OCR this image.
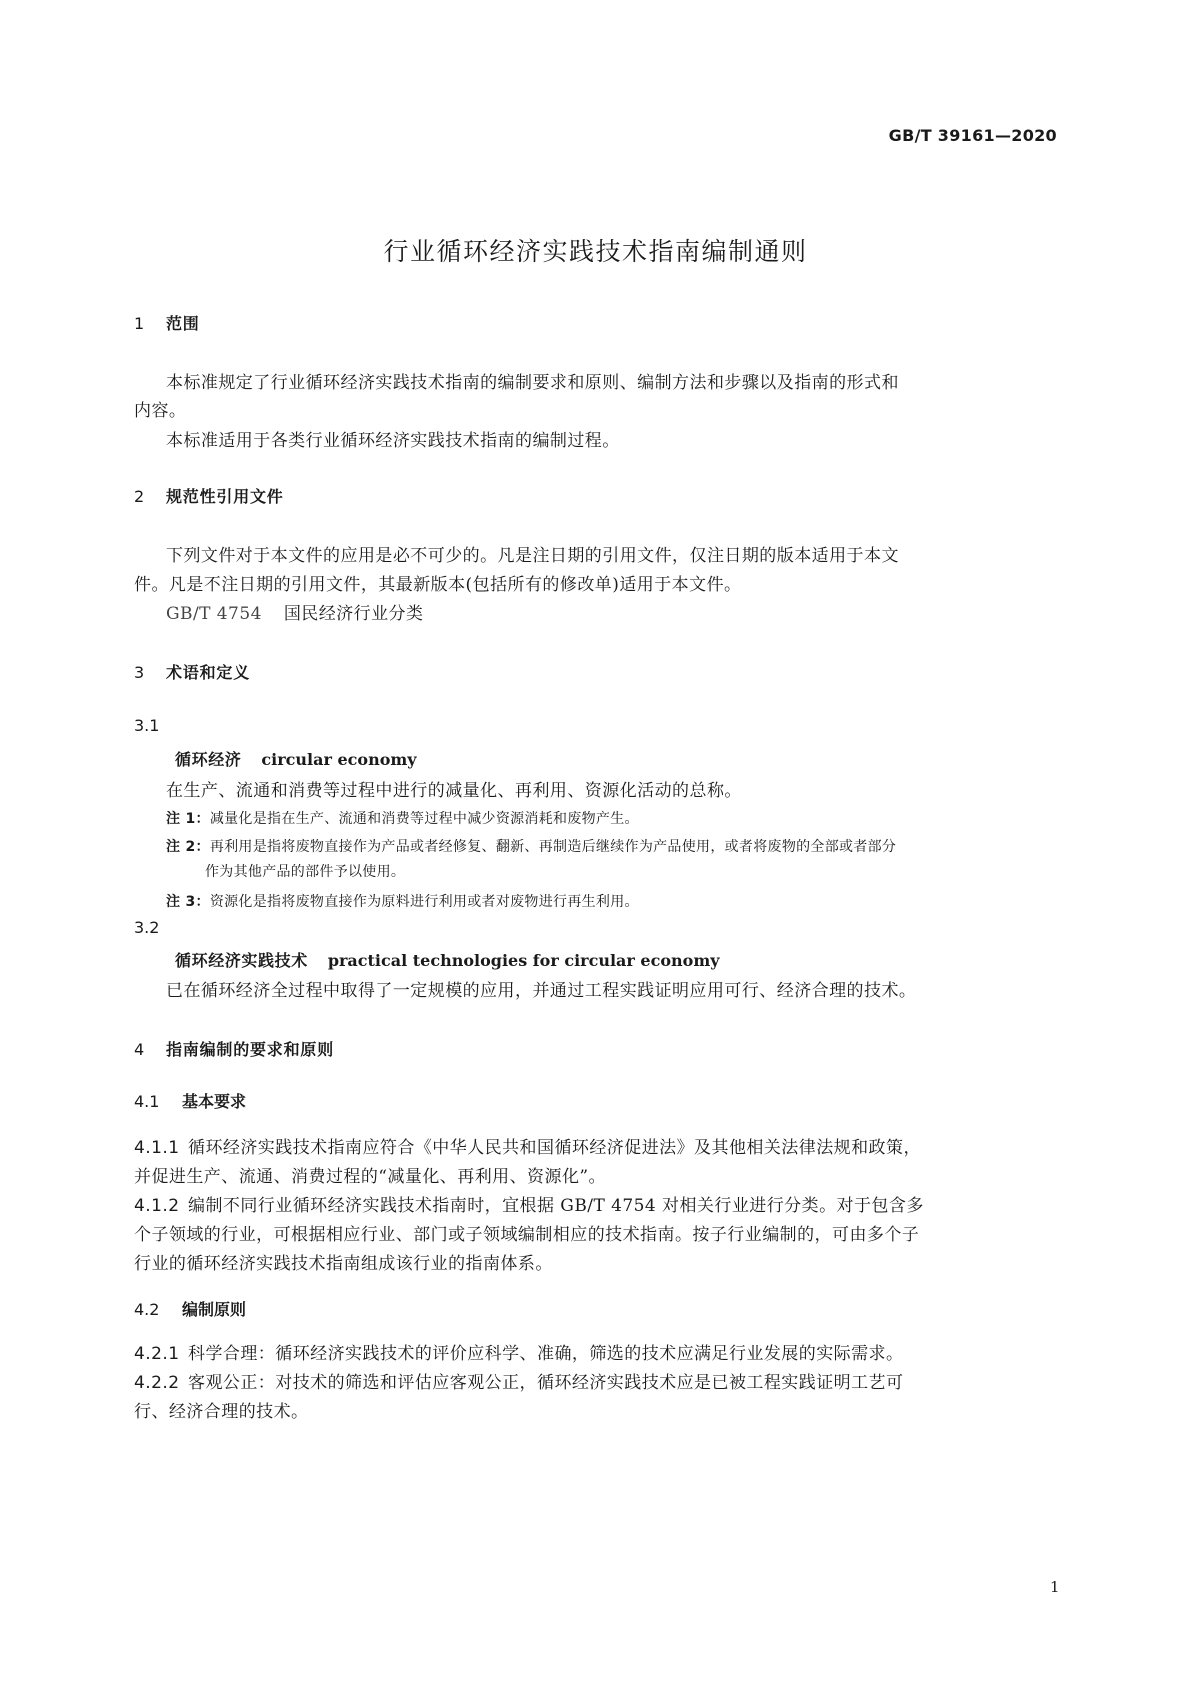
GB/T 39161—2020
行业循环经济实践技术指南编制通则
1 范围
本标准规定了行业循环经济实践技术指南的编制要求和原则、编制方法和步骤以及指南的形式和
内容。
本标准适用于各类行业循环经济实践技术指南的编制过程。
2 规范性引用文件
下列文件对于本文件的应用是必不可少的。凡是注日期的引用文件，仅注日期的版本适用于本文
件。凡是不注日期的引用文件，其最新版本(包括所有的修改单)适用于本文件。
GB/T 4754 国民经济行业分类
3 术语和定义
3.1
循环经济 circular economy
在生产、流通和消费等过程中进行的减量化、再利用、资源化活动的总称。
注 1：减量化是指在生产、流通和消费等过程中减少资源消耗和废物产生。
注 2：再利用是指将废物直接作为产品或者经修复、翻新、再制造后继续作为产品使用，或者将废物的全部或者部分
作为其他产品的部件予以使用。
注 3：资源化是指将废物直接作为原料进行利用或者对废物进行再生利用。
3.2
循环经济实践技术 practical technologies for circular economy
已在循环经济全过程中取得了一定规模的应用，并通过工程实践证明应用可行、经济合理的技术。
4 指南编制的要求和原则
4.1 基本要求
4.1.1 循环经济实践技术指南应符合《中华人民共和国循环经济促进法》及其他相关法律法规和政策，
并促进生产、流通、消费过程的“减量化、再利用、资源化”。
4.1.2 编制不同行业循环经济实践技术指南时，宜根据 GB/T 4754 对相关行业进行分类。对于包含多
个子领域的行业，可根据相应行业、部门或子领域编制相应的技术指南。按子行业编制的，可由多个子
行业的循环经济实践技术指南组成该行业的指南体系。
4.2 编制原则
4.2.1 科学合理：循环经济实践技术的评价应科学、准确，筛选的技术应满足行业发展的实际需求。
4.2.2 客观公正：对技术的筛选和评估应客观公正，循环经济实践技术应是已被工程实践证明工艺可
行、经济合理的技术。
1
